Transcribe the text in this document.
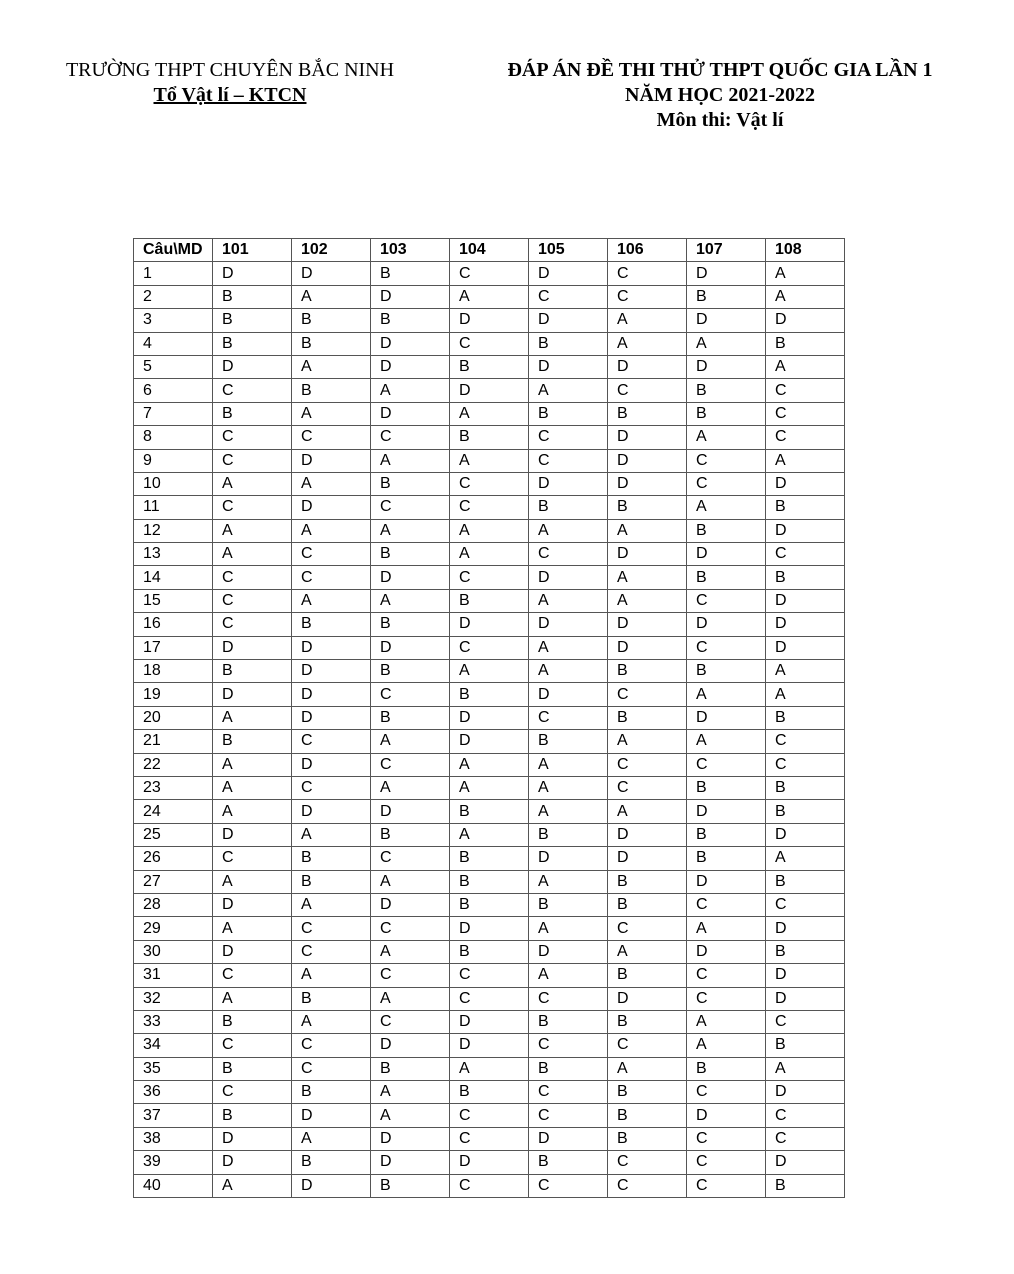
TRƯỜNG THPT CHUYÊN BẮC NINH
Tổ Vật lí – KTCN
ĐÁP ÁN ĐỀ THI THỬ THPT QUỐC GIA LẦN 1
NĂM HỌC 2021-2022
Môn thi: Vật lí
Câu\MD	101	102	103	104	105	106	107	108
1	D	D	B	C	D	C	D	A
2	B	A	D	A	C	C	B	A
3	B	B	B	D	D	A	D	D
4	B	B	D	C	B	A	A	B
5	D	A	D	B	D	D	D	A
6	C	B	A	D	A	C	B	C
7	B	A	D	A	B	B	B	C
8	C	C	C	B	C	D	A	C
9	C	D	A	A	C	D	C	A
10	A	A	B	C	D	D	C	D
11	C	D	C	C	B	B	A	B
12	A	A	A	A	A	A	B	D
13	A	C	B	A	C	D	D	C
14	C	C	D	C	D	A	B	B
15	C	A	A	B	A	A	C	D
16	C	B	B	D	D	D	D	D
17	D	D	D	C	A	D	C	D
18	B	D	B	A	A	B	B	A
19	D	D	C	B	D	C	A	A
20	A	D	B	D	C	B	D	B
21	B	C	A	D	B	A	A	C
22	A	D	C	A	A	C	C	C
23	A	C	A	A	A	C	B	B
24	A	D	D	B	A	A	D	B
25	D	A	B	A	B	D	B	D
26	C	B	C	B	D	D	B	A
27	A	B	A	B	A	B	D	B
28	D	A	D	B	B	B	C	C
29	A	C	C	D	A	C	A	D
30	D	C	A	B	D	A	D	B
31	C	A	C	C	A	B	C	D
32	A	B	A	C	C	D	C	D
33	B	A	C	D	B	B	A	C
34	C	C	D	D	C	C	A	B
35	B	C	B	A	B	A	B	A
36	C	B	A	B	C	B	C	D
37	B	D	A	C	C	B	D	C
38	D	A	D	C	D	B	C	C
39	D	B	D	D	B	C	C	D
40	A	D	B	C	C	C	C	B
